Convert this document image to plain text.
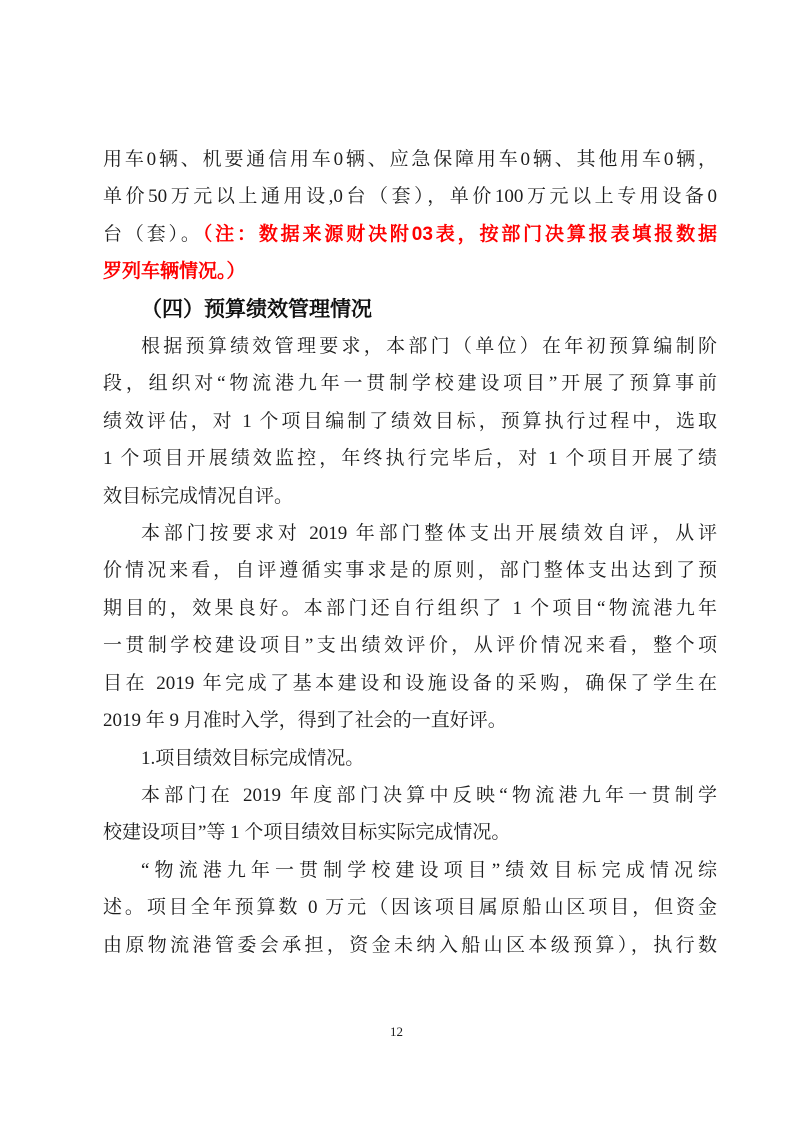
用车0辆、机要通信用车0辆、应急保障用车0辆、其他用车0辆，
单价50万元以上通用设,0台（套），单价100万元以上专用设备0
台（套）。（注：数据来源财决附03表，按部门决算报表填报数据
罗列车辆情况。）
（四）预算绩效管理情况
根据预算绩效管理要求，本部门（单位）在年初预算编制阶
段，组织对“物流港九年一贯制学校建设项目”开展了预算事前
绩效评估，对 1 个项目编制了绩效目标，预算执行过程中，选取
1 个项目开展绩效监控，年终执行完毕后，对 1 个项目开展了绩
效目标完成情况自评。
本部门按要求对 2019 年部门整体支出开展绩效自评，从评
价情况来看，自评遵循实事求是的原则，部门整体支出达到了预
期目的，效果良好。本部门还自行组织了 1 个项目“物流港九年
一贯制学校建设项目”支出绩效评价，从评价情况来看，整个项
目在 2019 年完成了基本建设和设施设备的采购，确保了学生在
2019 年 9 月准时入学，得到了社会的一直好评。
1.项目绩效目标完成情况。
本部门在 2019 年度部门决算中反映“物流港九年一贯制学
校建设项目”等 1 个项目绩效目标实际完成情况。
“物流港九年一贯制学校建设项目”绩效目标完成情况综
述。项目全年预算数 0 万元（因该项目属原船山区项目，但资金
由原物流港管委会承担，资金未纳入船山区本级预算），执行数
12
